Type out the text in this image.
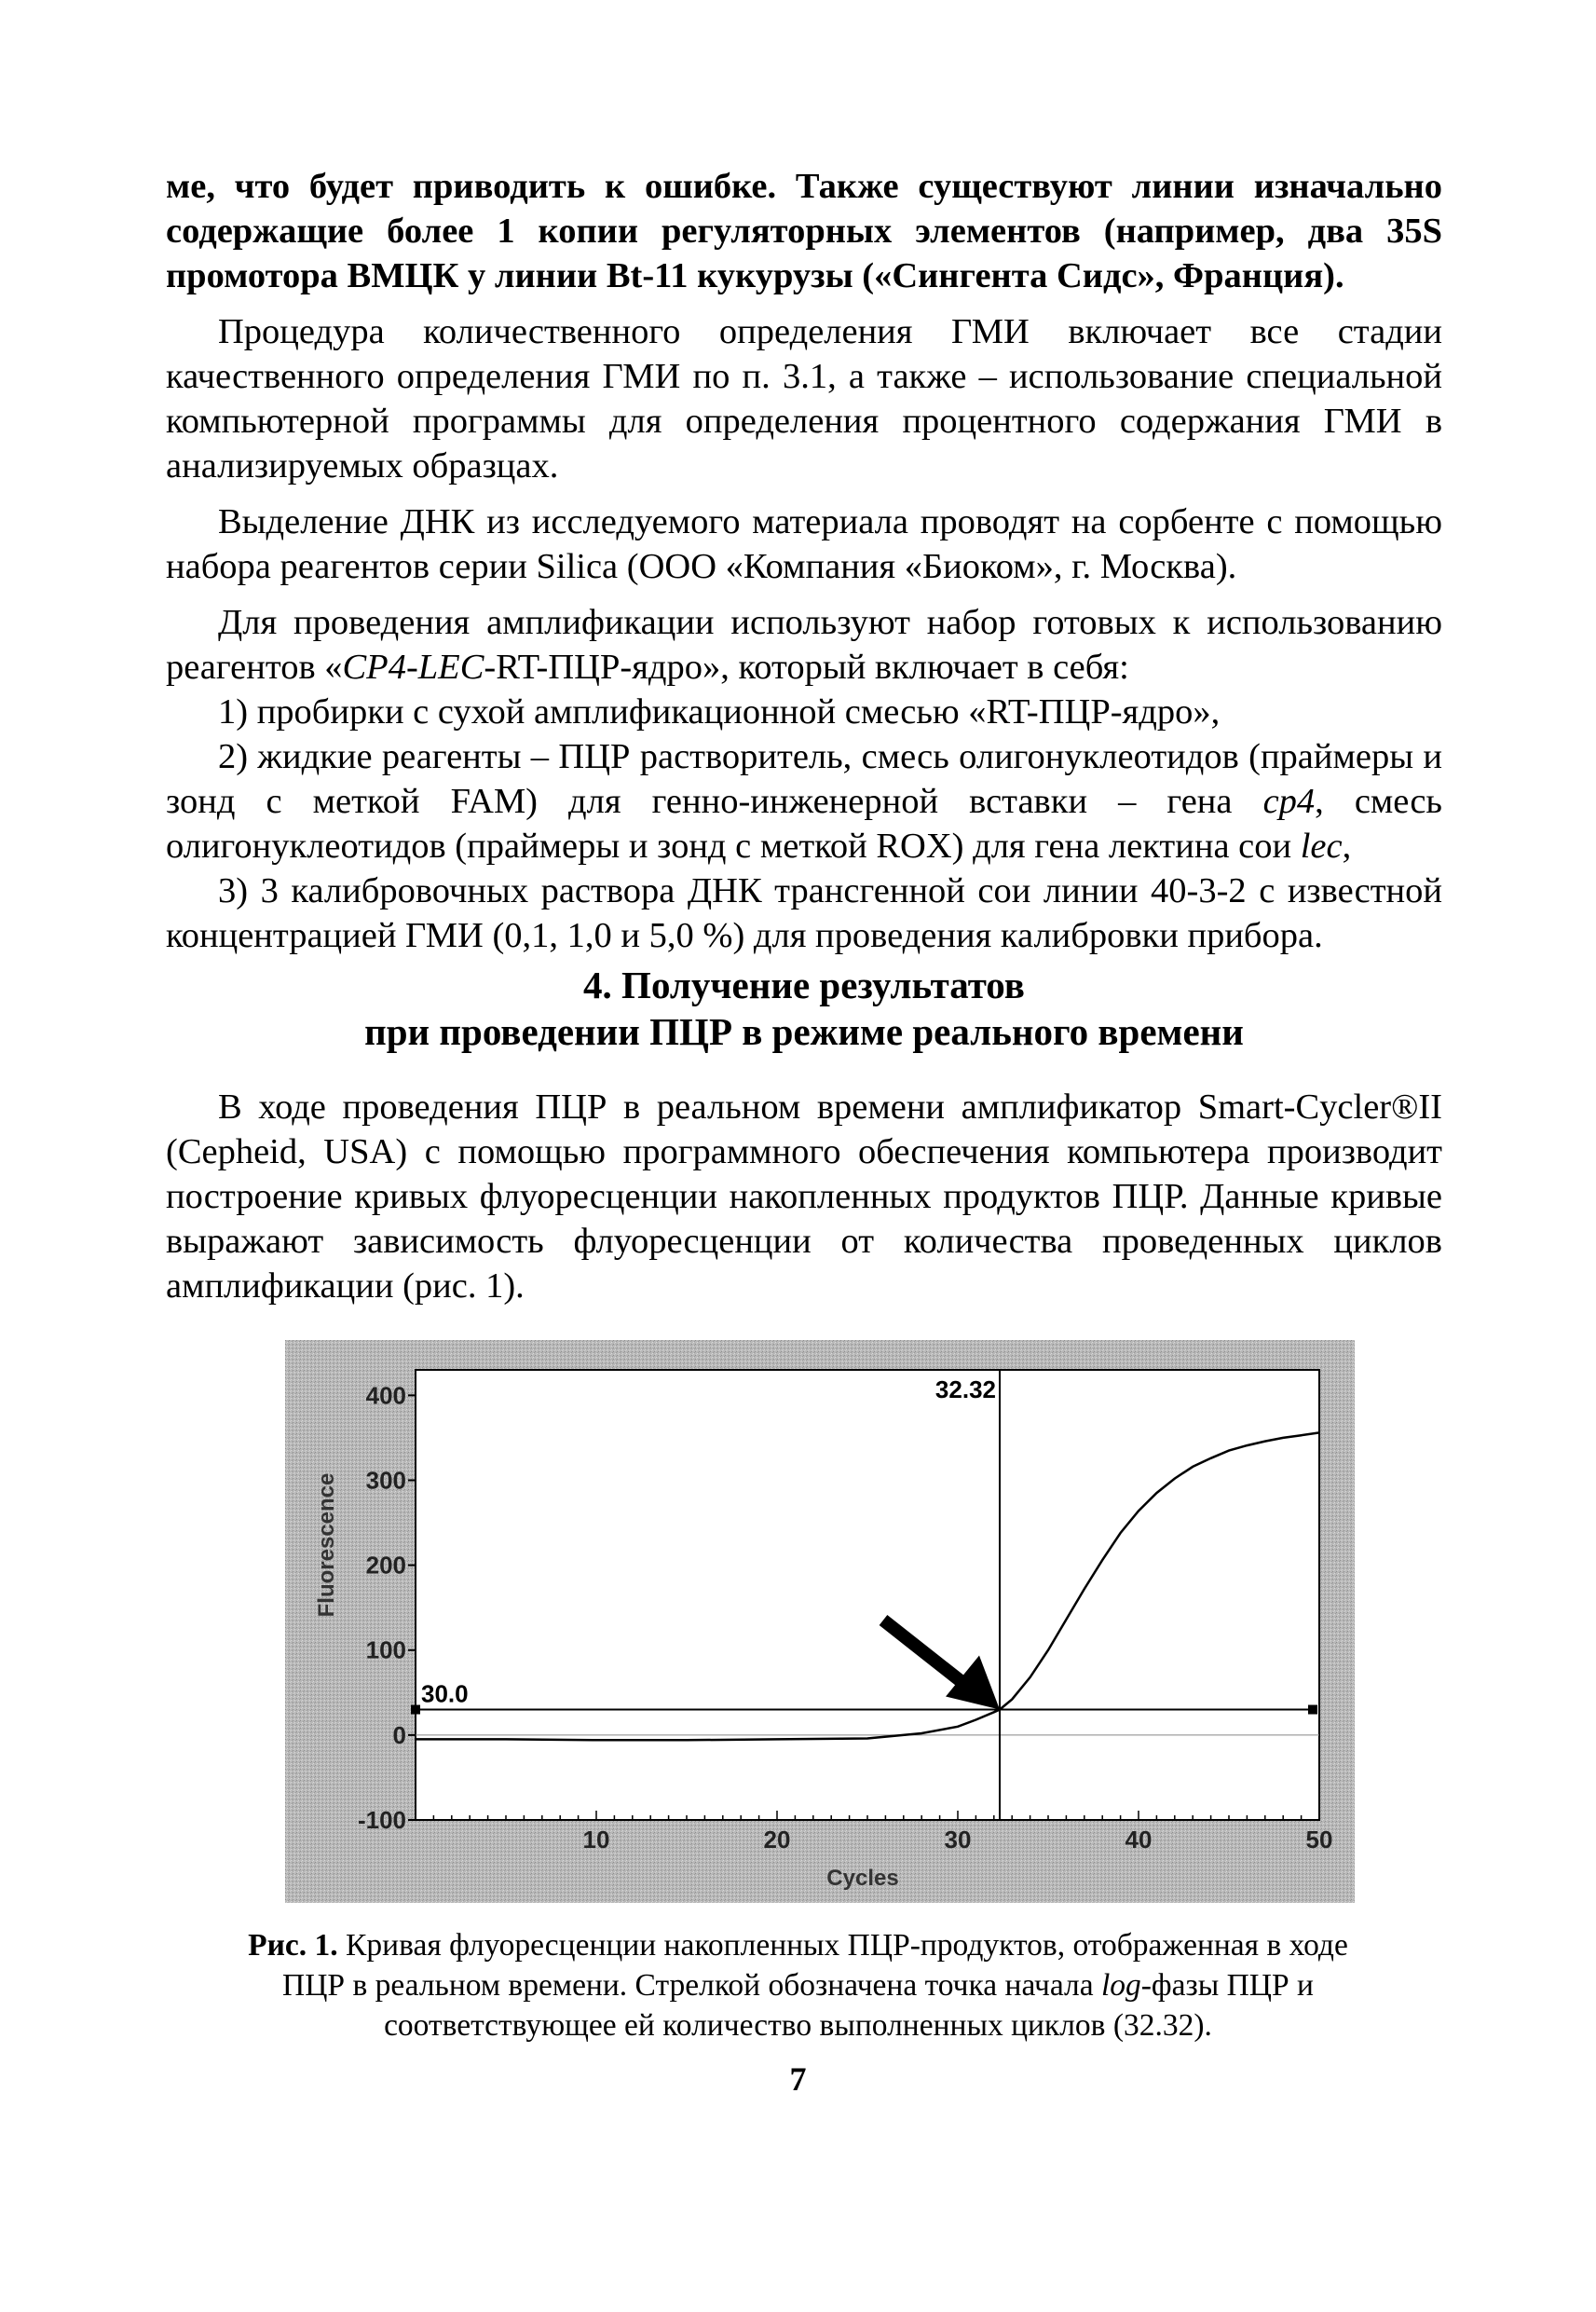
ме, что будет приводить к ошибке. Также существуют линии изначально содержащие более 1 копии регуляторных элементов (например, два 35S промотора ВМЦК у линии Bt-11 кукурузы («Сингента Сидс», Франция).

Процедура количественного определения ГМИ включает все стадии качественного определения ГМИ по п. 3.1, а также – использование специальной компьютерной программы для определения процентного содержания ГМИ в анализируемых образцах.

Выделение ДНК из исследуемого материала проводят на сорбенте с помощью набора реагентов серии Silica (ООО «Компания «Биоком», г. Москва).

Для проведения амплификации используют набор готовых к использованию реагентов «CP4-LEC-RT-ПЦР-ядро», который включает в себя:

1) пробирки с сухой амплификационной смесью «RT-ПЦР-ядро»,

2) жидкие реагенты – ПЦР растворитель, смесь олигонуклеотидов (праймеры и зонд с меткой FAM) для генно-инженерной вставки – гена cp4, смесь олигонуклеотидов (праймеры и зонд с меткой ROX) для гена лектина сои lec,

3) 3 калибровочных раствора ДНК трансгенной сои линии 40-3-2 с известной концентрацией ГМИ (0,1, 1,0 и 5,0 %) для проведения калибровки прибора.

4. Получение результатов
при проведении ПЦР в режиме реального времени

В ходе проведения ПЦР в реальном времени амплификатор Smart-Cycler®II (Cepheid, USA) с помощью программного обеспечения компьютера производит построение кривых флуоресценции накопленных продуктов ПЦР. Данные кривые выражают зависимость флуоресценции от количества проведенных циклов амплификации (рис. 1).

400
300
200
100
0
-100
10	20	30	40	50
30.0
32.32
Fluorescence
Cycles
Рис. 1. Кривая флуоресценции накопленных ПЦР-продуктов, отображенная в ходе ПЦР в реальном времени. Стрелкой обозначена точка начала log-фазы ПЦР и соответствующее ей количество выполненных циклов (32.32).
7
